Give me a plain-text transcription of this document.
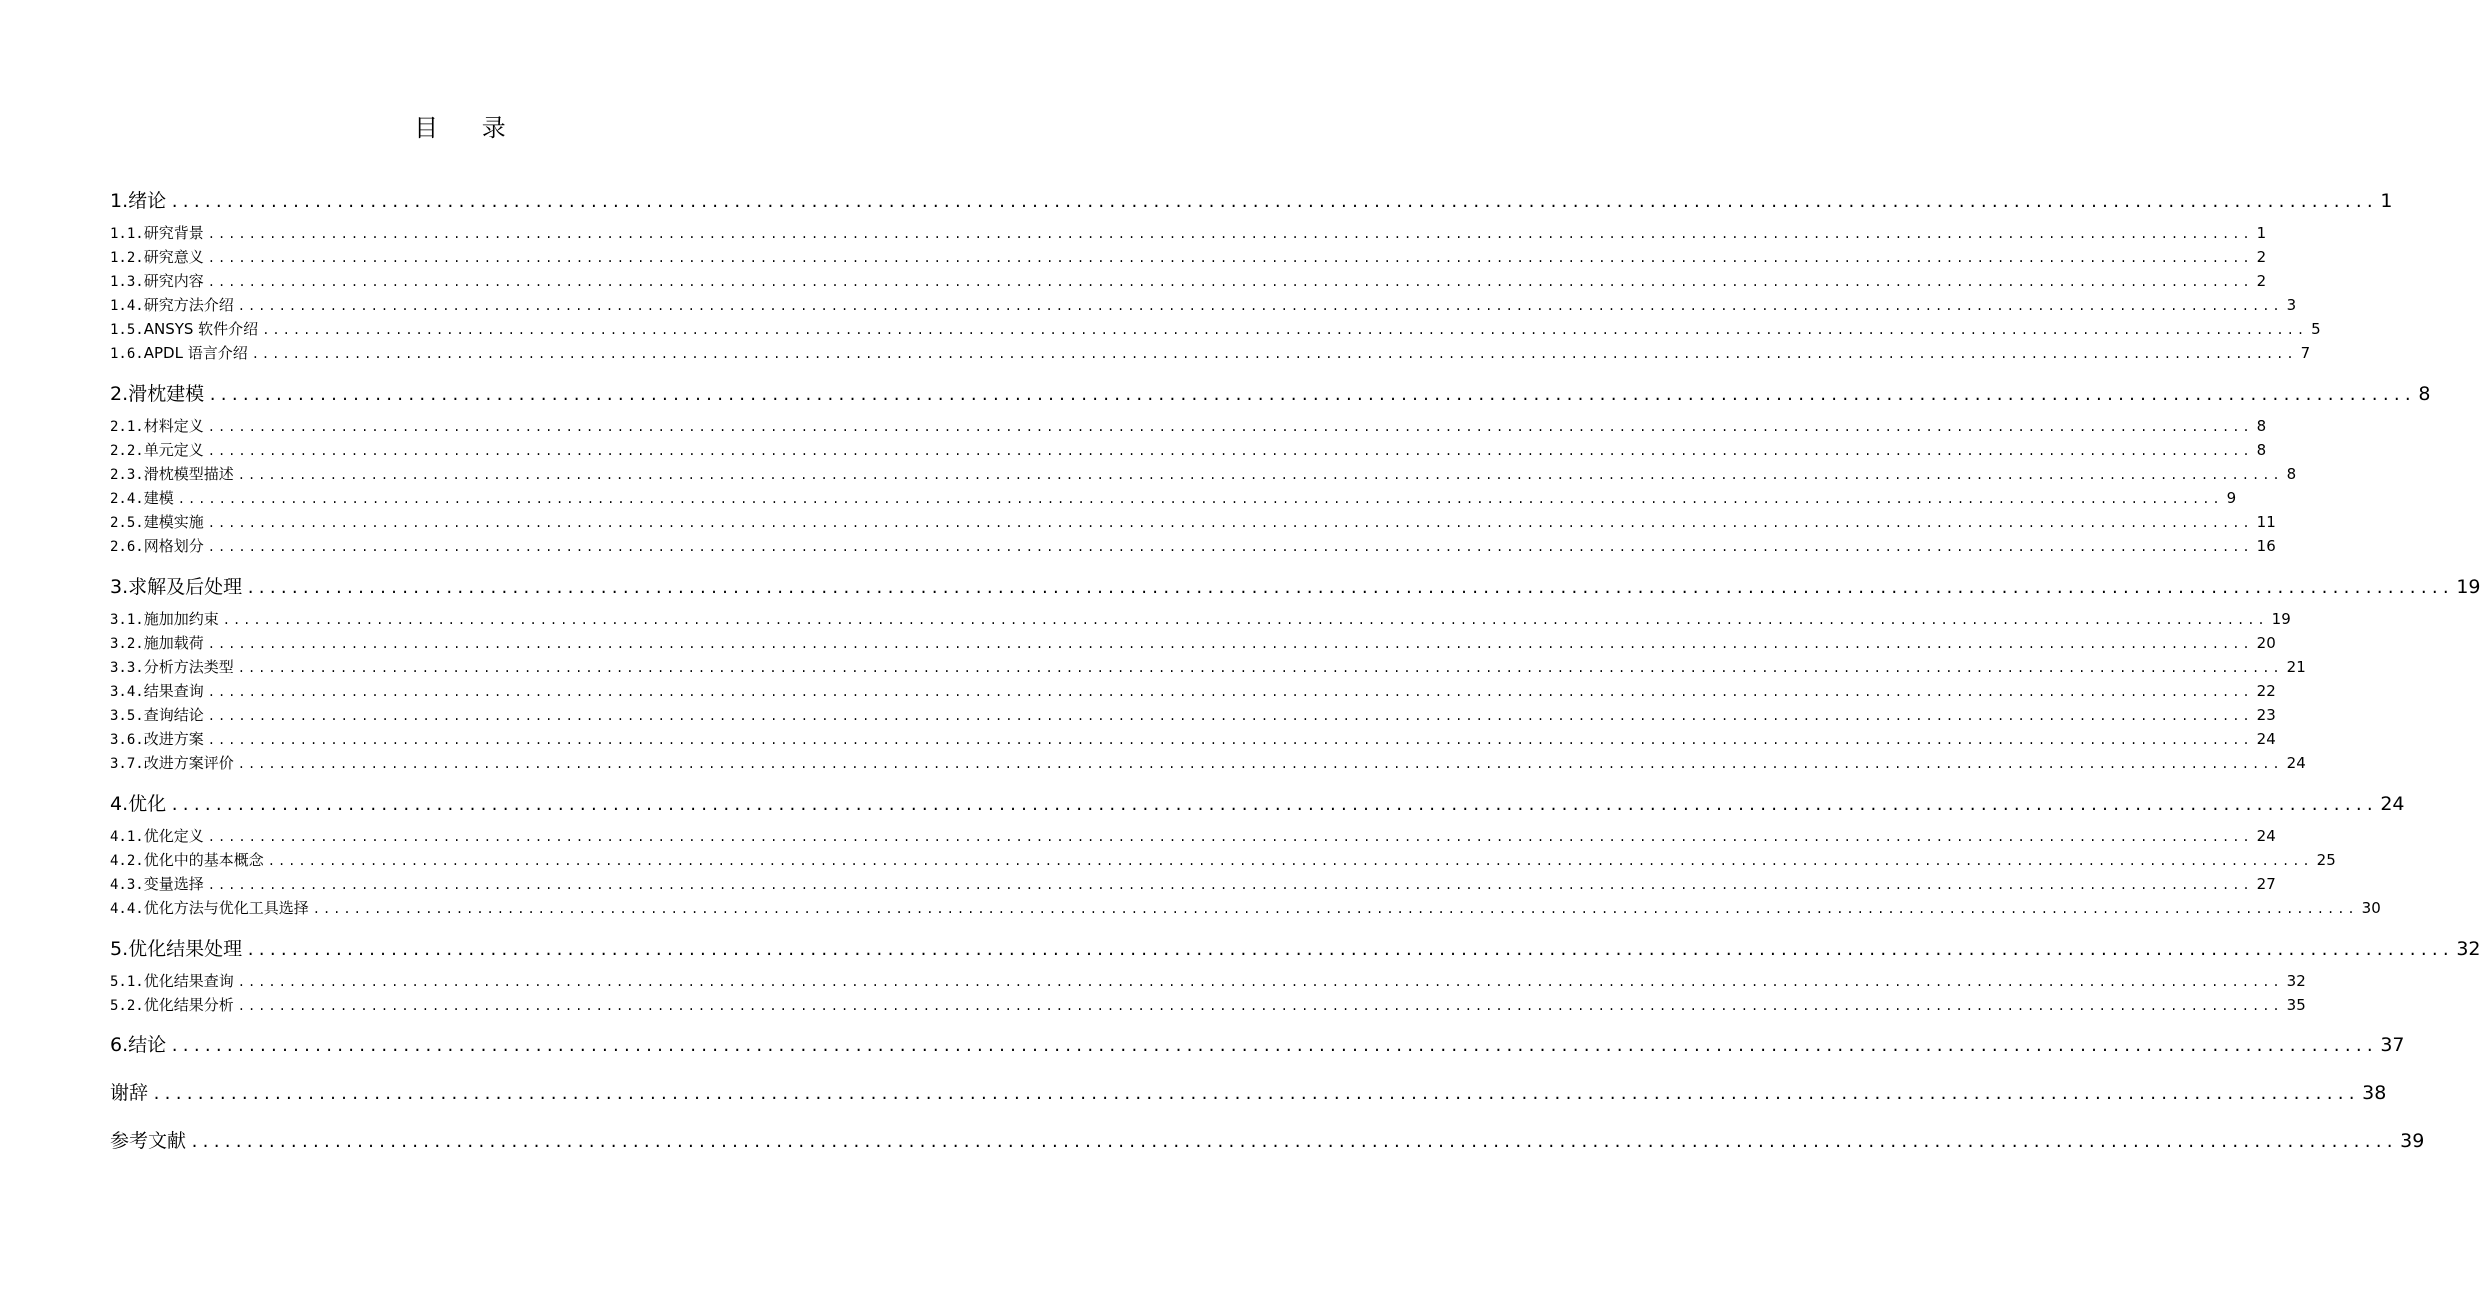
目 录
1. 绪论 ........................................................................................................................................................................................................ 1
1.1. 研究背景 ........................................................................................................................................................................................................ 1
1.2. 研究意义 ........................................................................................................................................................................................................ 2
1.3. 研究内容 ........................................................................................................................................................................................................ 2
1.4. 研究方法介绍 ........................................................................................................................................................................................................ 3
1.5. ANSYS 软件介绍 ........................................................................................................................................................................................................ 5
1.6. APDL 语言介绍 ........................................................................................................................................................................................................ 7
2. 滑枕建模 ........................................................................................................................................................................................................ 8
2.1. 材料定义 ........................................................................................................................................................................................................ 8
2.2. 单元定义 ........................................................................................................................................................................................................ 8
2.3. 滑枕模型描述 ........................................................................................................................................................................................................ 8
2.4. 建模 ........................................................................................................................................................................................................ 9
2.5. 建模实施 ........................................................................................................................................................................................................ 11
2.6. 网格划分 ........................................................................................................................................................................................................ 16
3. 求解及后处理 ........................................................................................................................................................................................................ 19
3.1. 施加加约束 ........................................................................................................................................................................................................ 19
3.2. 施加载荷 ........................................................................................................................................................................................................ 20
3.3. 分析方法类型 ........................................................................................................................................................................................................ 21
3.4. 结果查询 ........................................................................................................................................................................................................ 22
3.5. 查询结论 ........................................................................................................................................................................................................ 23
3.6. 改进方案 ........................................................................................................................................................................................................ 24
3.7. 改进方案评价 ........................................................................................................................................................................................................ 24
4. 优化 ........................................................................................................................................................................................................ 24
4.1. 优化定义 ........................................................................................................................................................................................................ 24
4.2. 优化中的基本概念 ........................................................................................................................................................................................................ 25
4.3. 变量选择 ........................................................................................................................................................................................................ 27
4.4. 优化方法与优化工具选择 ........................................................................................................................................................................................................ 30
5. 优化结果处理 ........................................................................................................................................................................................................ 32
5.1. 优化结果查询 ........................................................................................................................................................................................................ 32
5.2. 优化结果分析 ........................................................................................................................................................................................................ 35
6. 结论 ........................................................................................................................................................................................................ 37
谢辞 ........................................................................................................................................................................................................ 38
参考文献 ........................................................................................................................................................................................................ 39
